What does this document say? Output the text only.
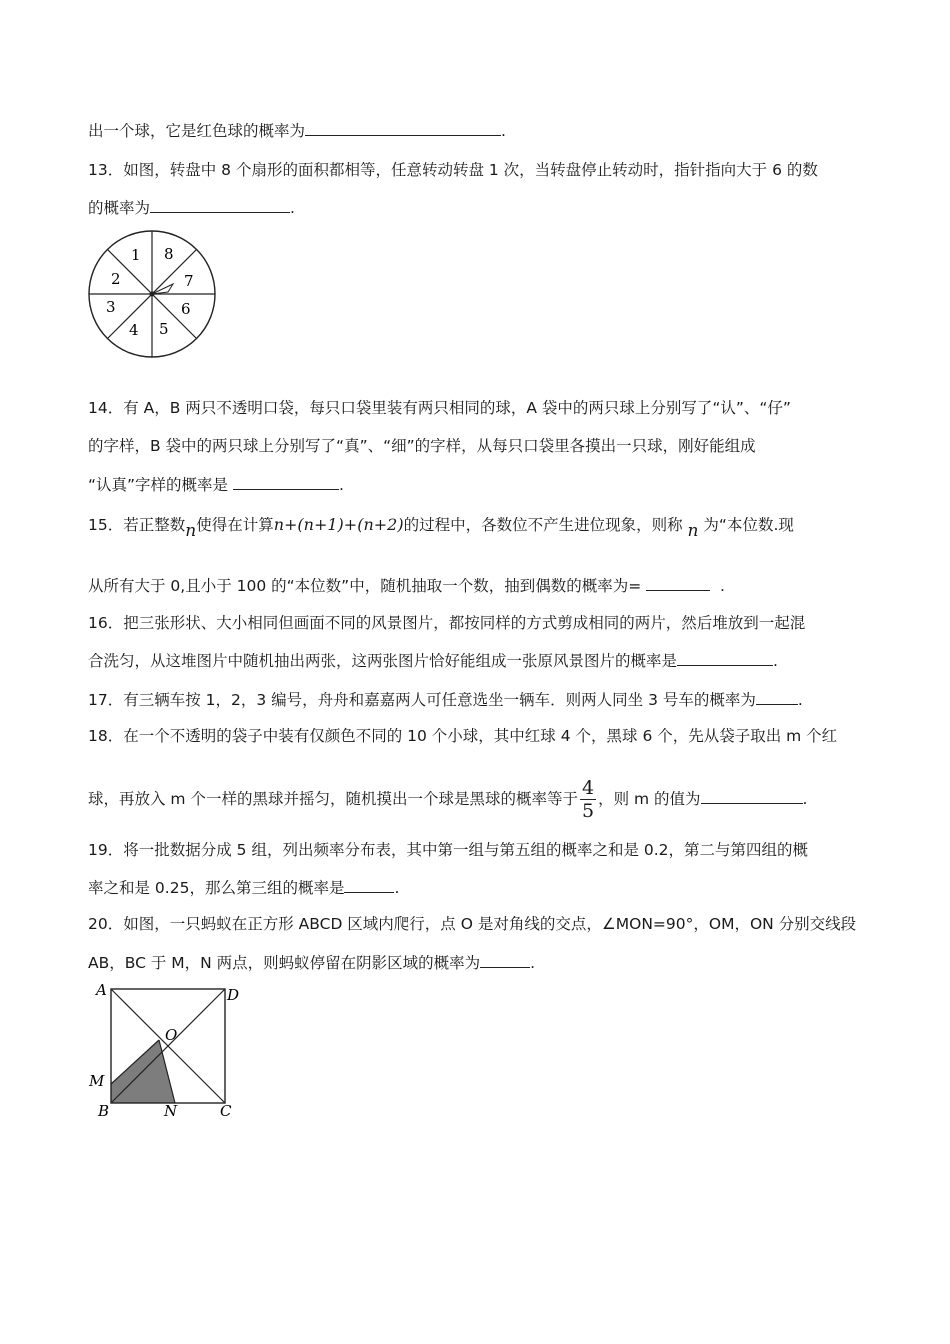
出一个球，它是红色球的概率为	.
13．如图，转盘中 8 个扇形的面积都相等，任意转动转盘 1 次，当转盘停止转动时，指针指向大于 6 的数
的概率为	.
1
2
3
4 5
6
7
8
14．有 A，B 两只不透明口袋，每只口袋里装有两只相同的球，A 袋中的两只球上分别写了“认”、“仔”
的字样，B 袋中的两只球上分别写了“真”、“细”的字样，从每只口袋里各摸出一只球，刚好能组成
“认真”字样的概率是	.
15．若正整数n使得在计算n+(n+1)+(n+2)的过程中，各数位不产生进位现象，则称 n 为“本位数.现
从所有大于 0,且小于 100 的“本位数”中，随机抽取一个数，抽到偶数的概率为=	.
16．把三张形状、大小相同但画面不同的风景图片，都按同样的方式剪成相同的两片，然后堆放到一起混
合洗匀，从这堆图片中随机抽出两张，这两张图片恰好能组成一张原风景图片的概率是	.
17．有三辆车按 1，2，3 编号，舟舟和嘉嘉两人可任意选坐一辆车．则两人同坐 3 号车的概率为	.
18．在一个不透明的袋子中装有仅颜色不同的 10 个小球，其中红球 4 个，黑球 6 个，先从袋子取出 m 个红
球，再放入 m 个一样的黑球并摇匀，随机摸出一个球是黑球的概率等于 $\frac{4}{5}$ ，则 m 的值为	.
19．将一批数据分成 5 组，列出频率分布表，其中第一组与第五组的概率之和是 0.2，第二与第四组的概
率之和是 0.25，那么第三组的概率是	.
20．如图，一只蚂蚁在正方形 ABCD 区域内爬行，点 O 是对角线的交点，∠MON=90°，OM，ON 分别交线段
AB，BC 于 M，N 两点，则蚂蚁停留在阴影区域的概率为	.
A	D
O
M
B	N	C
